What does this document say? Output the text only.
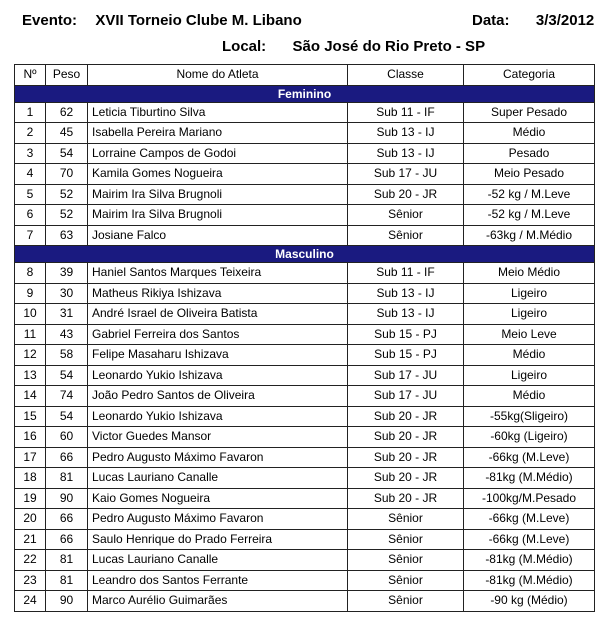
Evento: XVII Torneio Clube M. Libano	Data: 3/3/2012
Local: São José do Rio Preto - SP
Nº	Peso	Nome do Atleta	Classe	Categoria
Feminino				
1	62	Leticia Tiburtino Silva	Sub 11 - IF	Super Pesado
2	45	Isabella Pereira Mariano	Sub 13 - IJ	Médio
3	54	Lorraine Campos de Godoi	Sub 13 - IJ	Pesado
4	70	Kamila Gomes Nogueira	Sub 17 - JU	Meio Pesado
5	52	Mairim Ira Silva Brugnoli	Sub 20 - JR	-52 kg / M.Leve
6	52	Mairim Ira Silva Brugnoli	Sênior	-52 kg / M.Leve
7	63	Josiane Falco	Sênior	-63kg / M.Médio
Masculino				
8	39	Haniel Santos Marques Teixeira	Sub 11 - IF	Meio Médio
9	30	Matheus Rikiya Ishizava	Sub 13 - IJ	Ligeiro
10	31	André Israel de Oliveira Batista	Sub 13 - IJ	Ligeiro
11	43	Gabriel Ferreira dos Santos	Sub 15 - PJ	Meio Leve
12	58	Felipe Masaharu Ishizava	Sub 15 - PJ	Médio
13	54	Leonardo Yukio Ishizava	Sub 17 - JU	Ligeiro
14	74	João Pedro Santos de Oliveira	Sub 17 - JU	Médio
15	54	Leonardo Yukio Ishizava	Sub 20 - JR	-55kg(Sligeiro)
16	60	Victor Guedes Mansor	Sub 20 - JR	-60kg (Ligeiro)
17	66	Pedro Augusto Máximo Favaron	Sub 20 - JR	-66kg (M.Leve)
18	81	Lucas Lauriano Canalle	Sub 20 - JR	-81kg (M.Médio)
19	90	Kaio Gomes Nogueira	Sub 20 - JR	-100kg/M.Pesado
20	66	Pedro Augusto Máximo Favaron	Sênior	-66kg (M.Leve)
21	66	Saulo Henrique do Prado Ferreira	Sênior	-66kg (M.Leve)
22	81	Lucas Lauriano Canalle	Sênior	-81kg (M.Médio)
23	81	Leandro dos Santos Ferrante	Sênior	-81kg (M.Médio)
24	90	Marco Aurélio Guimarães	Sênior	-90 kg (Médio)
